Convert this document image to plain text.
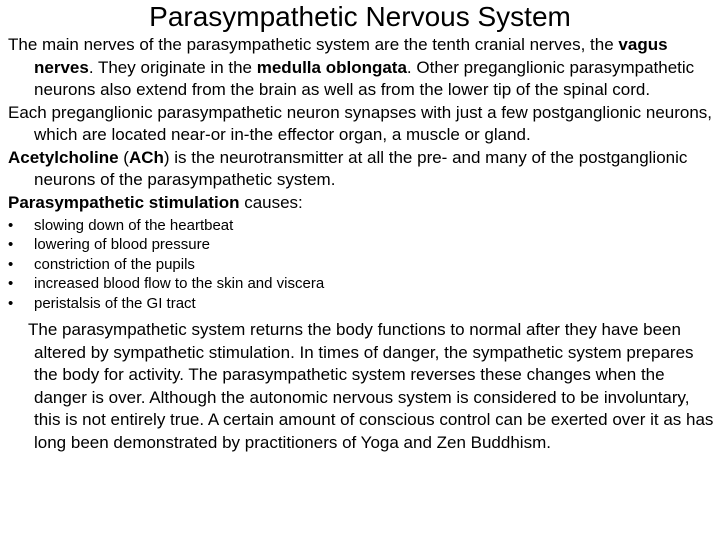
Parasympathetic Nervous System

The main nerves of the parasympathetic system are the tenth cranial nerves, the vagus nerves. They originate in the medulla oblongata. Other preganglionic parasympathetic neurons also extend from the brain as well as from the lower tip of the spinal cord.

Each preganglionic parasympathetic neuron synapses with just a few postganglionic neurons, which are located near-or in-the effector organ, a muscle or gland.

Acetylcholine (ACh) is the neurotransmitter at all the pre- and many of the postganglionic neurons of the parasympathetic system.

Parasympathetic stimulation causes:

• slowing down of the heartbeat
• lowering of blood pressure
• constriction of the pupils
• increased blood flow to the skin and viscera
• peristalsis of the GI tract

The parasympathetic system returns the body functions to normal after they have been altered by sympathetic stimulation. In times of danger, the sympathetic system prepares the body for activity. The parasympathetic system reverses these changes when the danger is over. Although the autonomic nervous system is considered to be involuntary, this is not entirely true. A certain amount of conscious control can be exerted over it as has long been demonstrated by practitioners of Yoga and Zen Buddhism.
